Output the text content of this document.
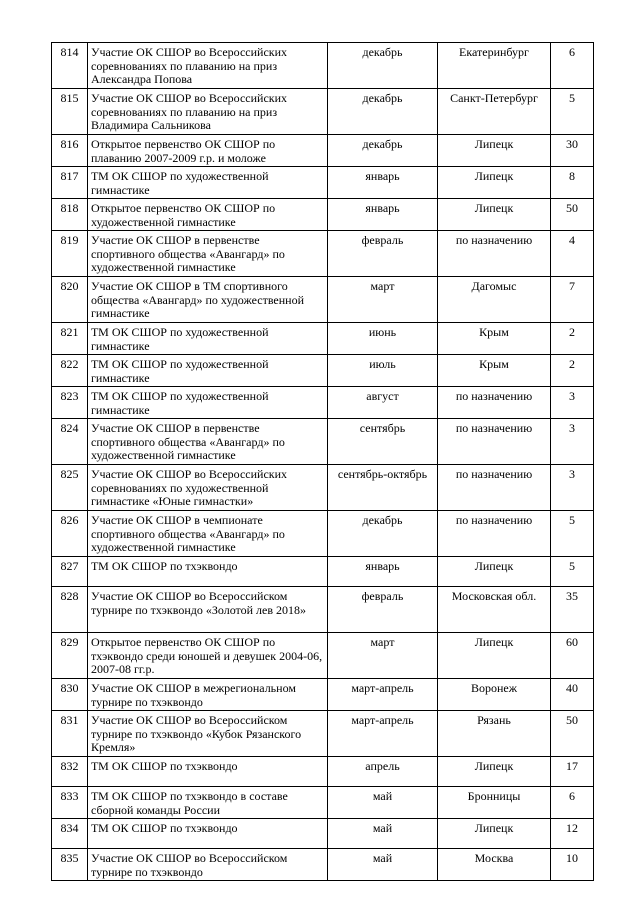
814	Участие ОК СШОР во Всероссийских соревнованиях по плаванию на приз Александра Попова	декабрь	Екатеринбург	6
815	Участие ОК СШОР во Всероссийских соревнованиях по плаванию на приз Владимира Сальникова	декабрь	Санкт-Петербург	5
816	Открытое первенство ОК СШОР по плаванию 2007-2009 г.р. и моложе	декабрь	Липецк	30
817	ТМ ОК СШОР по художественной гимнастике	январь	Липецк	8
818	Открытое первенство ОК СШОР по художественной гимнастике	январь	Липецк	50
819	Участие ОК СШОР в первенстве спортивного общества «Авангард» по художественной гимнастике	февраль	по назначению	4
820	Участие ОК СШОР в ТМ спортивного общества «Авангард» по художественной гимнастике	март	Дагомыс	7
821	ТМ ОК СШОР по художественной гимнастике	июнь	Крым	2
822	ТМ ОК СШОР по художественной гимнастике	июль	Крым	2
823	ТМ ОК СШОР по художественной гимнастике	август	по назначению	3
824	Участие ОК СШОР в первенстве спортивного общества «Авангард» по художественной гимнастике	сентябрь	по назначению	3
825	Участие ОК СШОР во Всероссийских соревнованиях по художественной гимнастике «Юные гимнастки»	сентябрь-октябрь	по назначению	3
826	Участие ОК СШОР в чемпионате спортивного общества «Авангард» по художественной гимнастике	декабрь	по назначению	5
827	ТМ ОК СШОР по тхэквондо	январь	Липецк	5
828	Участие ОК СШОР во Всероссийском турнире по тхэквондо «Золотой лев 2018»	февраль	Московская обл.	35
829	Открытое первенство ОК СШОР по тхэквондо среди юношей и девушек 2004-06, 2007-08 гг.р.	март	Липецк	60
830	Участие ОК СШОР в межрегиональном турнире по тхэквондо	март-апрель	Воронеж	40
831	Участие ОК СШОР во Всероссийском турнире по тхэквондо «Кубок Рязанского Кремля»	март-апрель	Рязань	50
832	ТМ ОК СШОР по тхэквондо	апрель	Липецк	17
833	ТМ ОК СШОР по тхэквондо в составе сборной команды России	май	Бронницы	6
834	ТМ ОК СШОР по тхэквондо	май	Липецк	12
835	Участие ОК СШОР во Всероссийском турнире по тхэквондо	май	Москва	10
